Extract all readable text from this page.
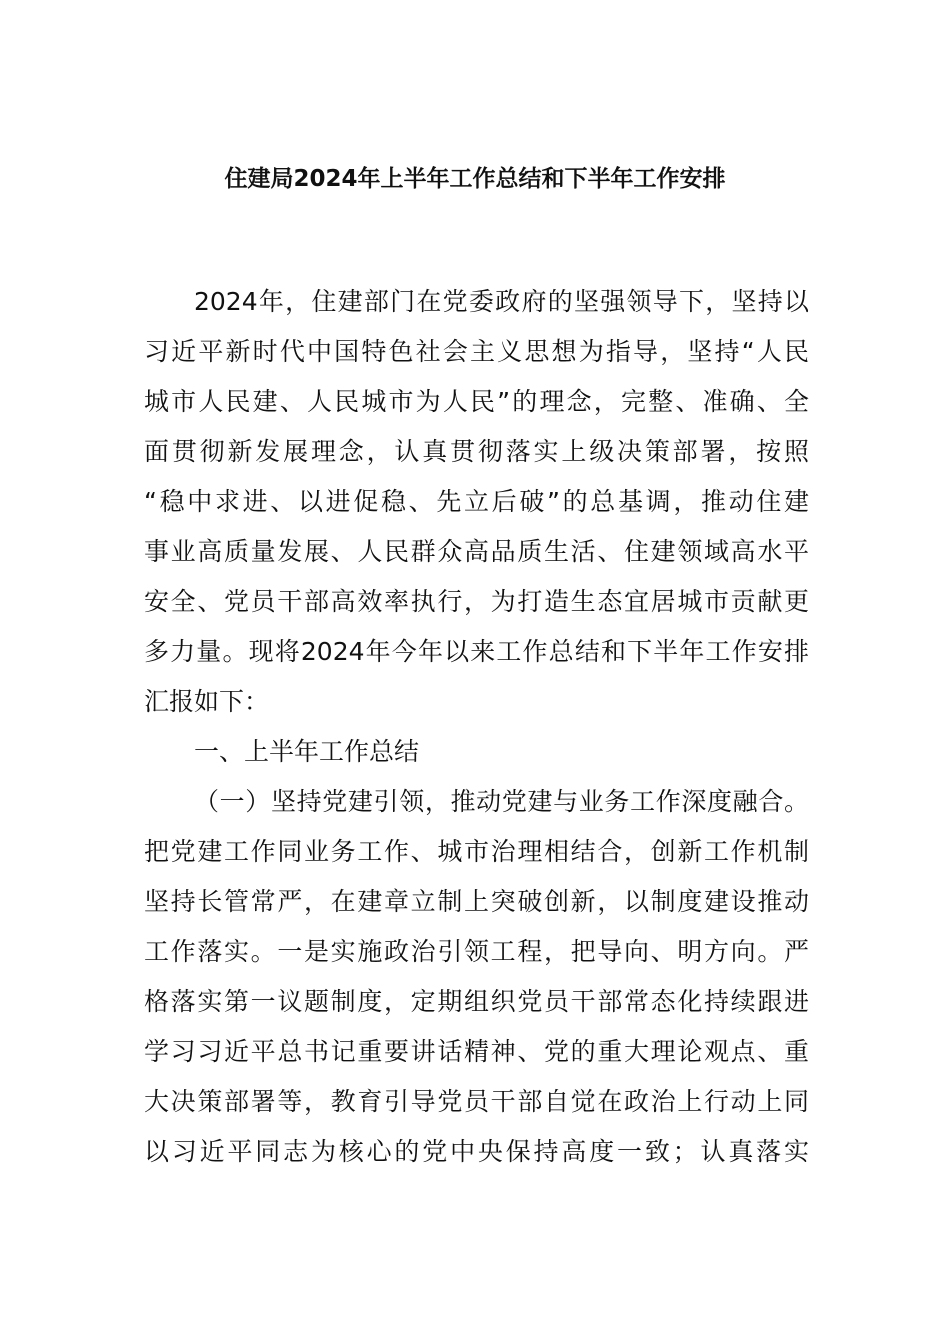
住建局2024年上半年工作总结和下半年工作安排
2024年，住建部门在党委政府的坚强领导下，坚持以
习近平新时代中国特色社会主义思想为指导，坚持“人民
城市人民建、人民城市为人民”的理念，完整、准确、全
面贯彻新发展理念，认真贯彻落实上级决策部署，按照
“稳中求进、以进促稳、先立后破”的总基调，推动住建
事业高质量发展、人民群众高品质生活、住建领域高水平
安全、党员干部高效率执行，为打造生态宜居城市贡献更
多力量。现将2024年今年以来工作总结和下半年工作安排
汇报如下：
一、上半年工作总结
（一）坚持党建引领，推动党建与业务工作深度融合。
把党建工作同业务工作、城市治理相结合，创新工作机制
坚持长管常严，在建章立制上突破创新，以制度建设推动
工作落实。一是实施政治引领工程，把导向、明方向。严
格落实第一议题制度，定期组织党员干部常态化持续跟进
学习习近平总书记重要讲话精神、党的重大理论观点、重
大决策部署等，教育引导党员干部自觉在政治上行动上同
以习近平同志为核心的党中央保持高度一致；认真落实
